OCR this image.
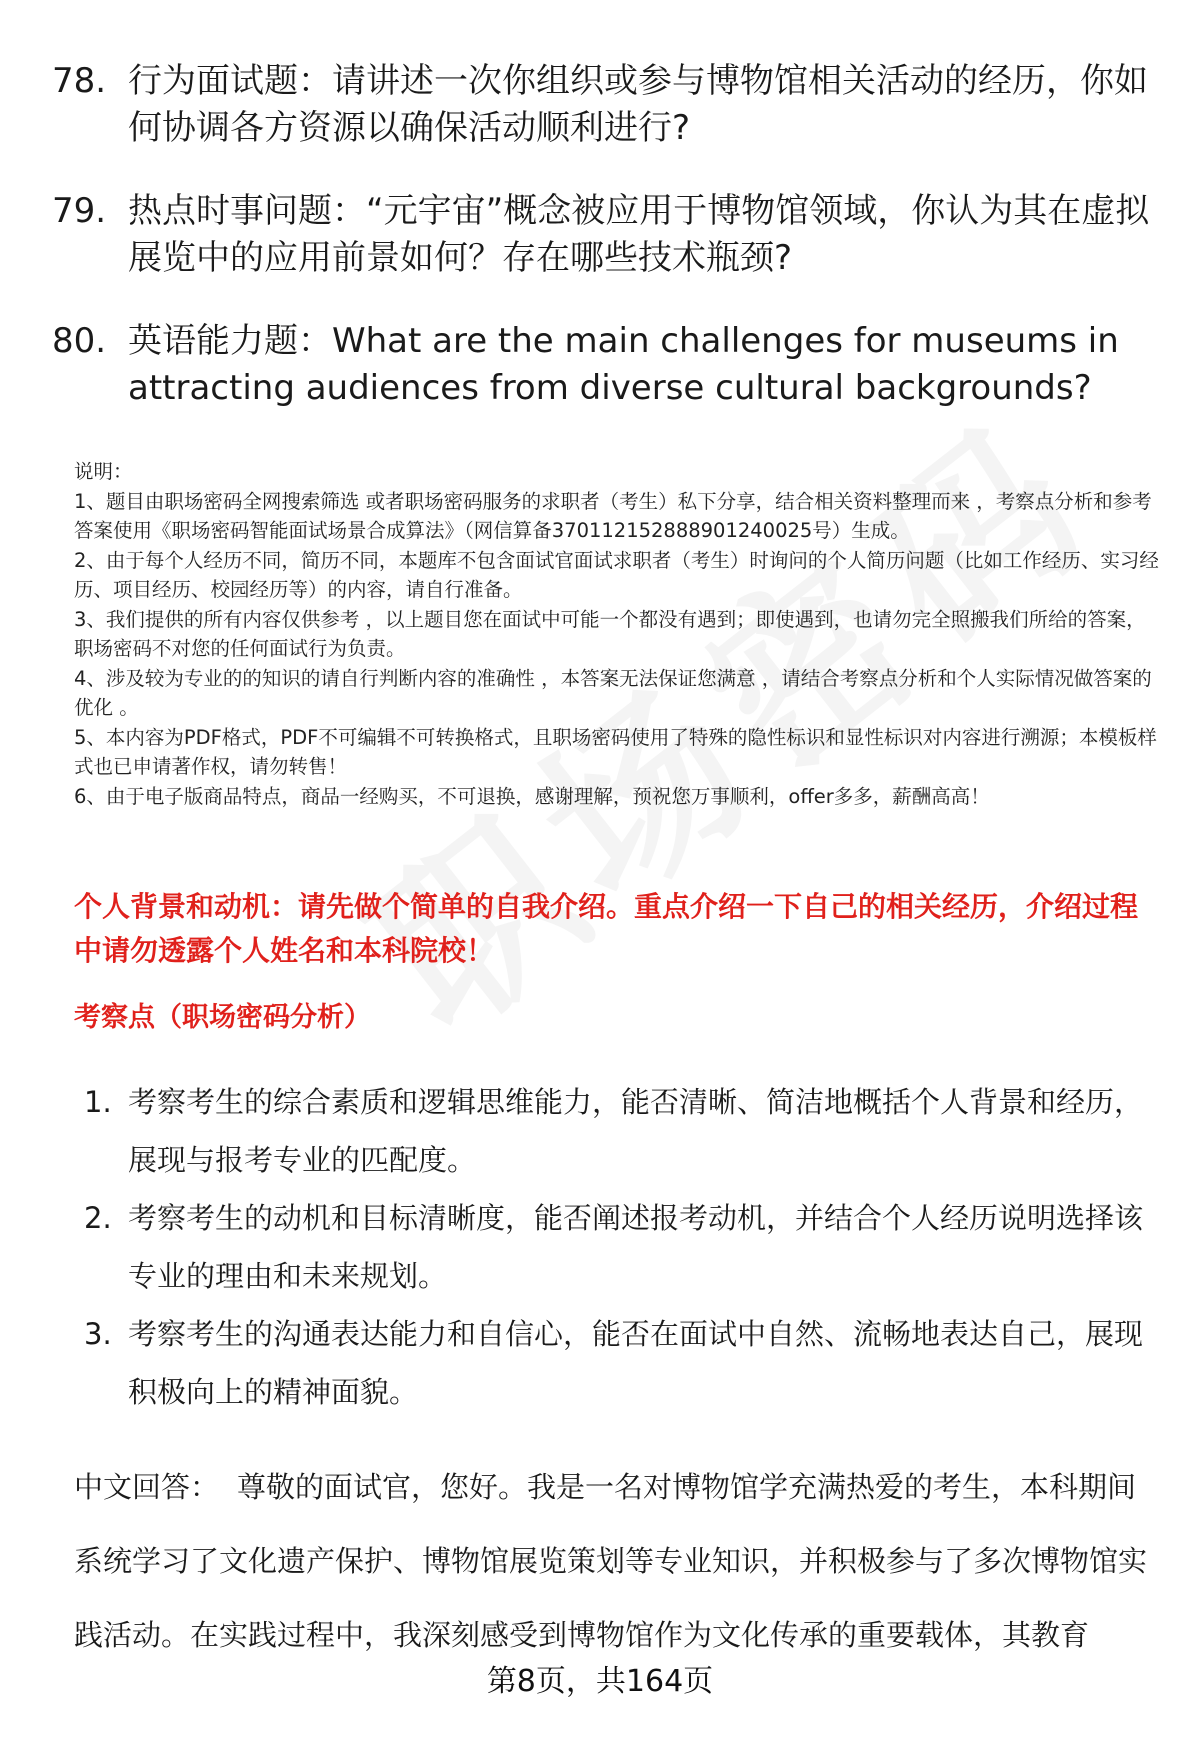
78. 行为面试题：请讲述一次你组织或参与博物馆相关活动的经历，你如何协调各方资源以确保活动顺利进行?
79. 热点时事问题：“元宇宙”概念被应用于博物馆领域，你认为其在虚拟展览中的应用前景如何？存在哪些技术瓶颈?
80. 英语能力题：What are the main challenges for museums in attracting audiences from diverse cultural backgrounds?

说明：

1、题目由职场密码全网搜索筛选 或者职场密码服务的求职者（考生）私下分享，结合相关资料整理而来 ，考察点分析和参考答案使用《职场密码智能面试场景合成算法》（网信算备370112152888901240025号）生成。

2、由于每个人经历不同，简历不同，本题库不包含面试官面试求职者（考生）时询问的个人简历问题（比如工作经历、实习经历、项目经历、校园经历等）的内容，请自行准备。

3、我们提供的所有内容仅供参考 ，以上题目您在面试中可能一个都没有遇到；即使遇到，也请勿完全照搬我们所给的答案，职场密码不对您的任何面试行为负责。

4、涉及较为专业的的知识的请自行判断内容的准确性 ，本答案无法保证您满意 ，请结合考察点分析和个人实际情况做答案的优化 。

5、本内容为PDF格式，PDF不可编辑不可转换格式，且职场密码使用了特殊的隐性标识和显性标识对内容进行溯源；本模板样式也已申请著作权，请勿转售！

6、由于电子版商品特点，商品一经购买，不可退换，感谢理解，预祝您万事顺利，offer多多，薪酬高高！

个人背景和动机：请先做个简单的自我介绍。重点介绍一下自己的相关经历，介绍过程中请勿透露个人姓名和本科院校！
考察点（职场密码分析）
1. 考察考生的综合素质和逻辑思维能力，能否清晰、简洁地概括个人背景和经历，展现与报考专业的匹配度。
2. 考察考生的动机和目标清晰度，能否阐述报考动机，并结合个人经历说明选择该专业的理由和未来规划。
3. 考察考生的沟通表达能力和自信心，能否在面试中自然、流畅地表达自己，展现积极向上的精神面貌。
中文回答： 尊敬的面试官，您好。我是一名对博物馆学充满热爱的考生，本科期间系统学习了文化遗产保护、博物馆展览策划等专业知识，并积极参与了多次博物馆实践活动。在实践过程中，我深刻感受到博物馆作为文化传承的重要载体，其教育
第8页，共164页
